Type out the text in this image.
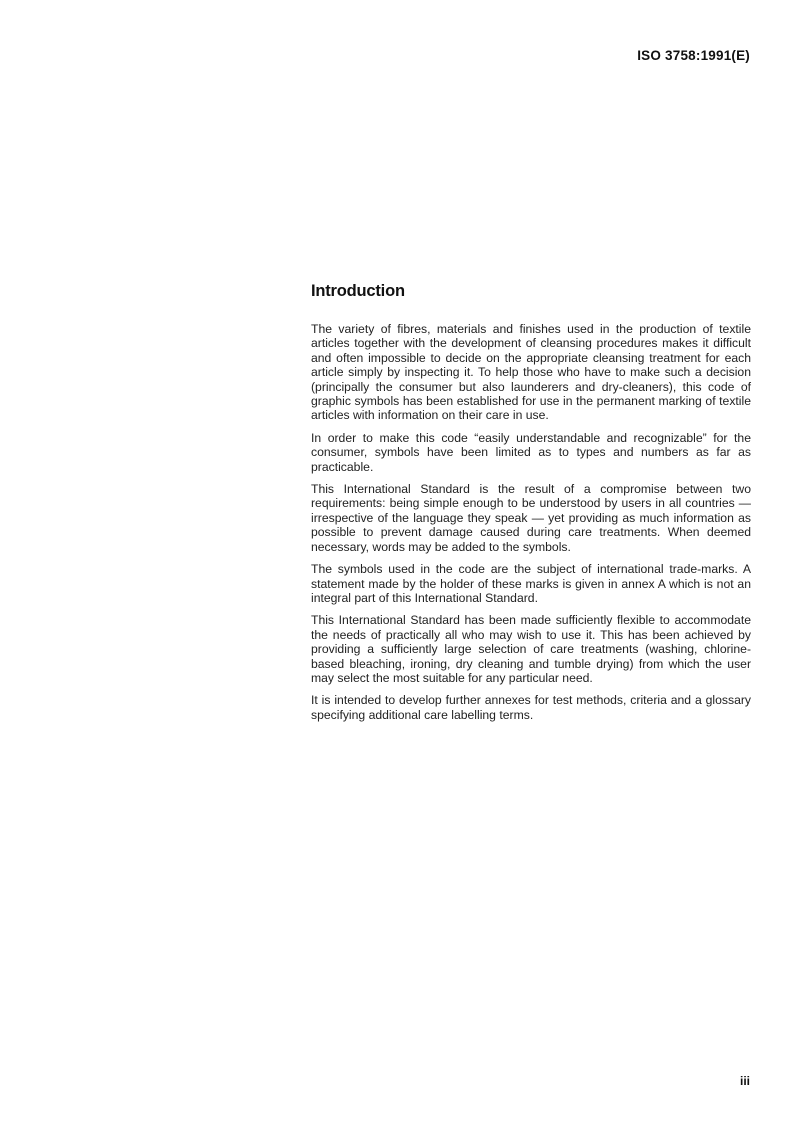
ISO 3758:1991(E)
Introduction

The variety of fibres, materials and finishes used in the production of textile articles together with the development of cleansing procedures makes it difficult and often impossible to decide on the appropriate cleansing treatment for each article simply by inspecting it. To help those who have to make such a decision (principally the consumer but also launderers and dry-cleaners), this code of graphic symbols has been established for use in the permanent marking of textile articles with information on their care in use.

In order to make this code “easily understandable and recognizable” for the consumer, symbols have been limited as to types and numbers as far as practicable.

This International Standard is the result of a compromise between two requirements: being simple enough to be understood by users in all countries — irrespective of the language they speak — yet providing as much information as possible to prevent damage caused during care treatments. When deemed necessary, words may be added to the symbols.

The symbols used in the code are the subject of international trade-marks. A statement made by the holder of these marks is given in annex A which is not an integral part of this International Standard.

This International Standard has been made sufficiently flexible to accommodate the needs of practically all who may wish to use it. This has been achieved by providing a sufficiently large selection of care treatments (washing, chlorine-based bleaching, ironing, dry cleaning and tumble drying) from which the user may select the most suitable for any particular need.

It is intended to develop further annexes for test methods, criteria and a glossary specifying additional care labelling terms.

iii
